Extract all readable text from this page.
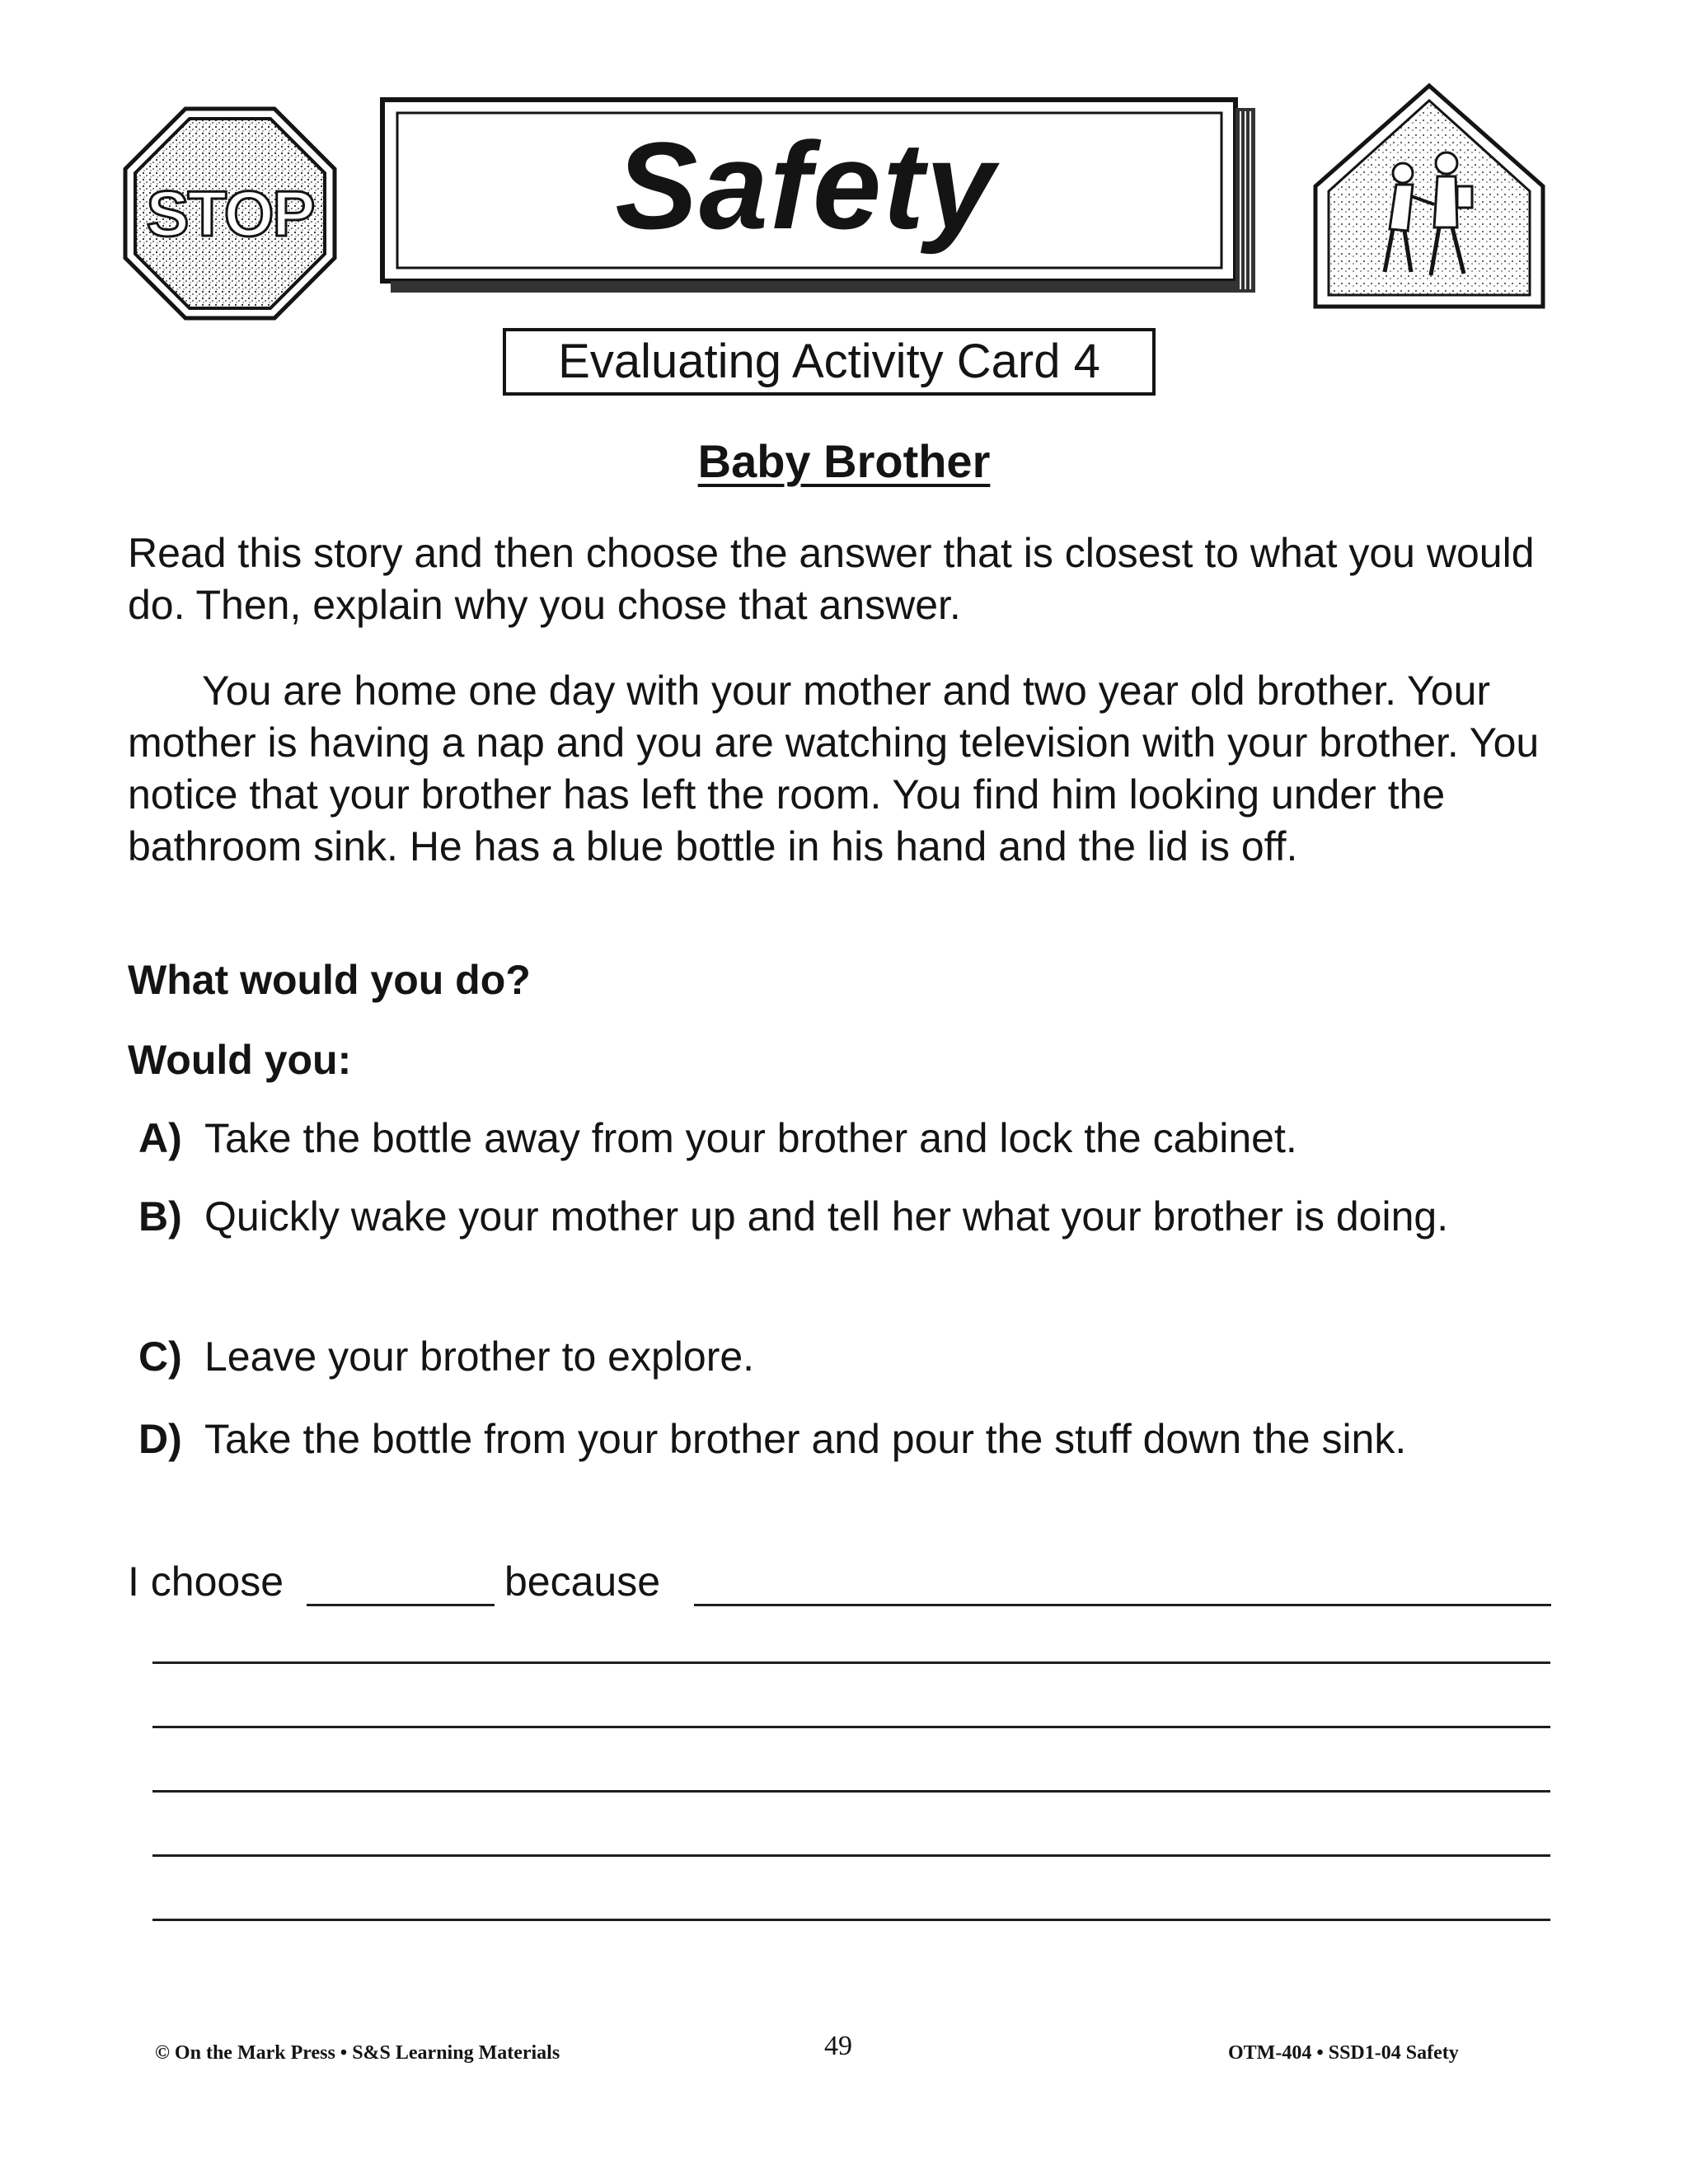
STOP	Safety
Evaluating Activity Card 4
Baby Brother
Read this story and then choose the answer that is closest to what you would do. Then, explain why you chose that answer.
You are home one day with your mother and two year old brother. Your mother is having a nap and you are watching television with your brother. You notice that your brother has left the room. You find him looking under the bathroom sink. He has a blue bottle in his hand and the lid is off.
What would you do?
Would you:
A) Take the bottle away from your brother and lock the cabinet.
B) Quickly wake your mother up and tell her what your brother is doing.
C) Leave your brother to explore.
D) Take the bottle from your brother and pour the stuff down the sink.
I choose	because
© On the Mark Press • S&S Learning Materials	49	OTM-404 • SSD1-04 Safety
